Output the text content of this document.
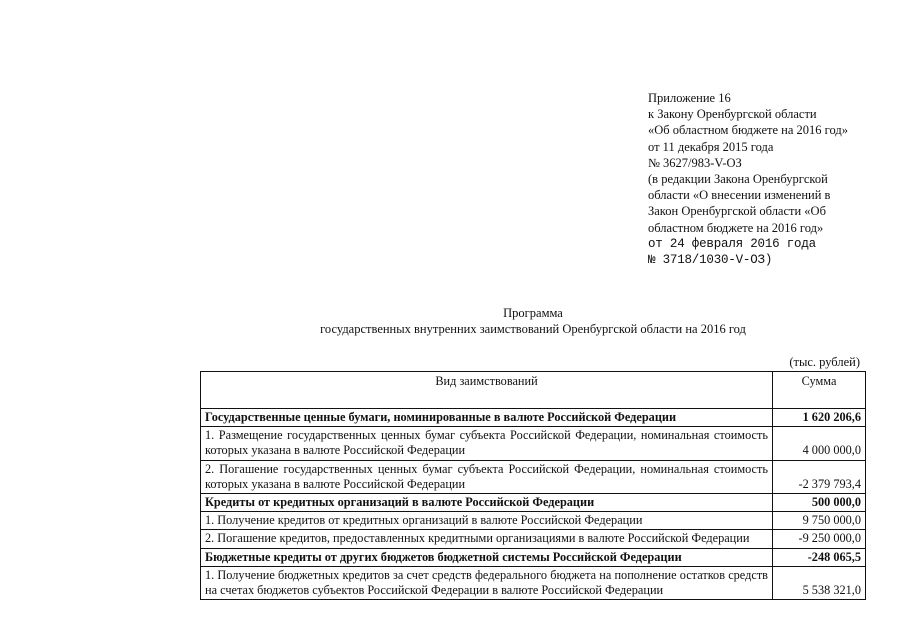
Приложение 16
к Закону Оренбургской области
«Об областном бюджете на 2016 год»
от 11 декабря 2015 года
№ 3627/983-V-ОЗ
(в редакции Закона Оренбургской
области «О внесении изменений в
Закон Оренбургской области «Об
областном бюджете на 2016 год»
от 24 февраля 2016 года
№ 3718/1030-V-ОЗ)
Программа
государственных внутренних заимствований Оренбургской области на 2016 год
(тыс. рублей)
Вид заимствований	Сумма
Государственные ценные бумаги, номинированные в валюте Российской Федерации	1 620 206,6
1. Размещение государственных ценных бумаг субъекта Российской Федерации, номинальная стоимость которых указана в валюте Российской Федерации	4 000 000,0
2. Погашение государственных ценных бумаг субъекта Российской Федерации, номинальная стоимость которых указана в валюте Российской Федерации	-2 379 793,4
Кредиты от кредитных организаций в валюте Российской Федерации	500 000,0
1. Получение кредитов от кредитных организаций в валюте Российской Федерации	9 750 000,0
2. Погашение кредитов, предоставленных кредитными организациями в валюте Российской Федерации	-9 250 000,0
Бюджетные кредиты от других бюджетов бюджетной системы Российской Федерации	-248 065,5
1. Получение бюджетных кредитов за счет средств федерального бюджета на пополнение остатков средств на счетах бюджетов субъектов Российской Федерации в валюте Российской Федерации	5 538 321,0
